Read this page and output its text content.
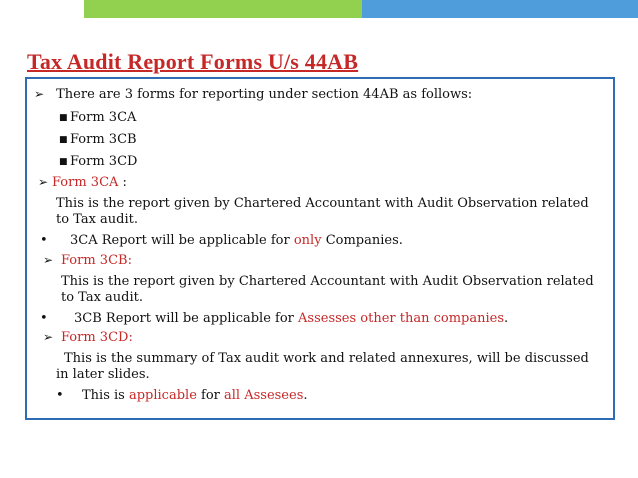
Tax Audit Report Forms U/s 44AB
➢ There are 3 forms for reporting under section 44AB as follows:
■ Form 3CA
■ Form 3CB
■ Form 3CD
➢ Form 3CA :
This is the report given by Chartered Accountant with Audit Observation related
to Tax audit.
• 3CA Report will be applicable for only Companies.
➢ Form 3CB:
This is the report given by Chartered Accountant with Audit Observation related
to Tax audit.
• 3CB Report will be applicable for Assesses other than companies.
➢ Form 3CD:
This is the summary of Tax audit work and related annexures, will be discussed
in later slides.
• This is applicable for all Assesees.
